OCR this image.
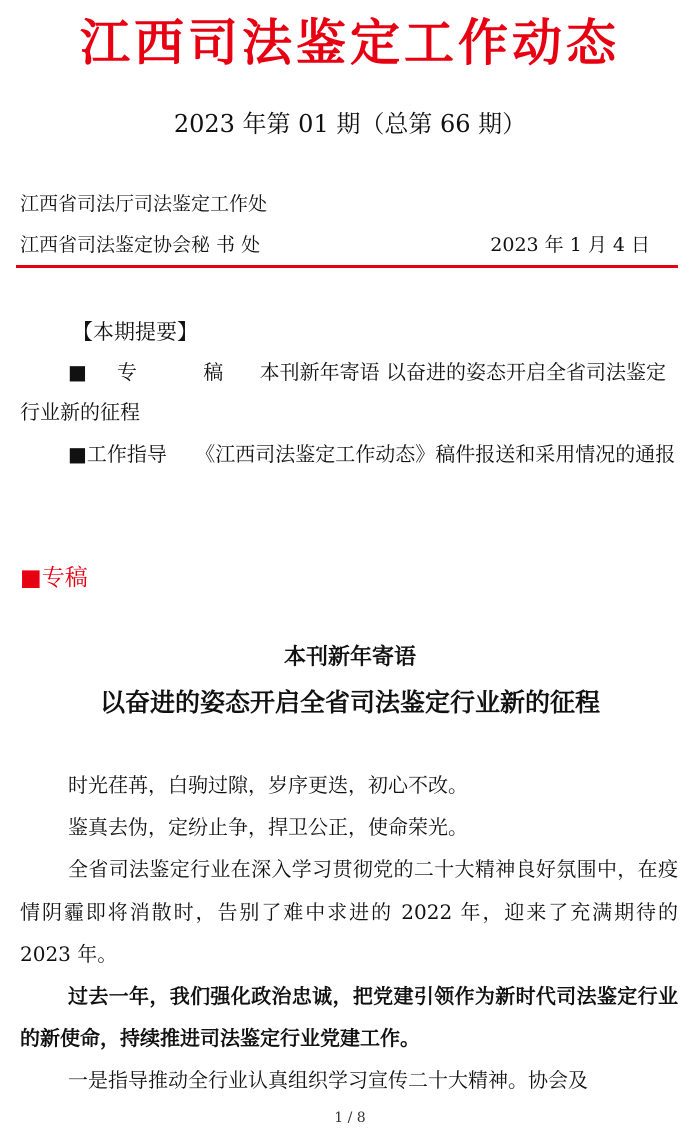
江西司法鉴定工作动态
2023 年第 01 期（总第 66 期）
江西省司法厅司法鉴定工作处
江西省司法鉴定协会秘 书 处	2023 年 1 月 4 日
【本期提要】
■专 稿 本刊新年寄语 以奋进的姿态开启全省司法鉴定行业新的征程
■工作指导 《江西司法鉴定工作动态》稿件报送和采用情况的通报
■专稿
本刊新年寄语
以奋进的姿态开启全省司法鉴定行业新的征程

时光荏苒，白驹过隙，岁序更迭，初心不改。

鉴真去伪，定纷止争，捍卫公正，使命荣光。

全省司法鉴定行业在深入学习贯彻党的二十大精神良好氛围中，在疫情阴霾即将消散时，告别了难中求进的 2022 年，迎来了充满期待的 2023 年。

过去一年，我们强化政治忠诚，把党建引领作为新时代司法鉴定行业的新使命，持续推进司法鉴定行业党建工作。

一是指导推动全行业认真组织学习宣传二十大精神。协会及

1 / 8
